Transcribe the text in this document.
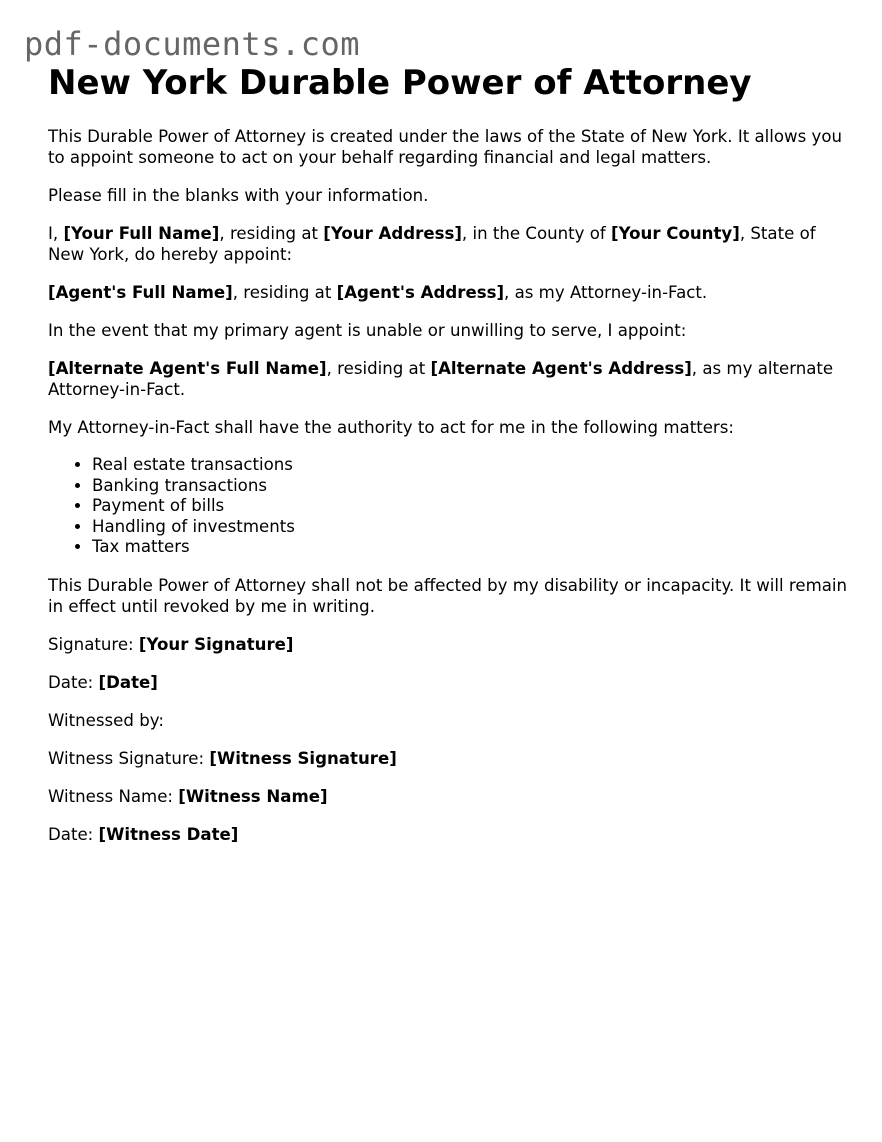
pdf-documents.com
New York Durable Power of Attorney

This Durable Power of Attorney is created under the laws of the State of New York. It allows you to appoint someone to act on your behalf regarding financial and legal matters.

Please fill in the blanks with your information.

I, [Your Full Name], residing at [Your Address], in the County of [Your County], State of New York, do hereby appoint:

[Agent's Full Name], residing at [Agent's Address], as my Attorney-in-Fact.

In the event that my primary agent is unable or unwilling to serve, I appoint:

[Alternate Agent's Full Name], residing at [Alternate Agent's Address], as my alternate Attorney-in-Fact.

My Attorney-in-Fact shall have the authority to act for me in the following matters:

• Real estate transactions
• Banking transactions
• Payment of bills
• Handling of investments
• Tax matters

This Durable Power of Attorney shall not be affected by my disability or incapacity. It will remain in effect until revoked by me in writing.

Signature: [Your Signature]

Date: [Date]

Witnessed by:

Witness Signature: [Witness Signature]

Witness Name: [Witness Name]

Date: [Witness Date]
